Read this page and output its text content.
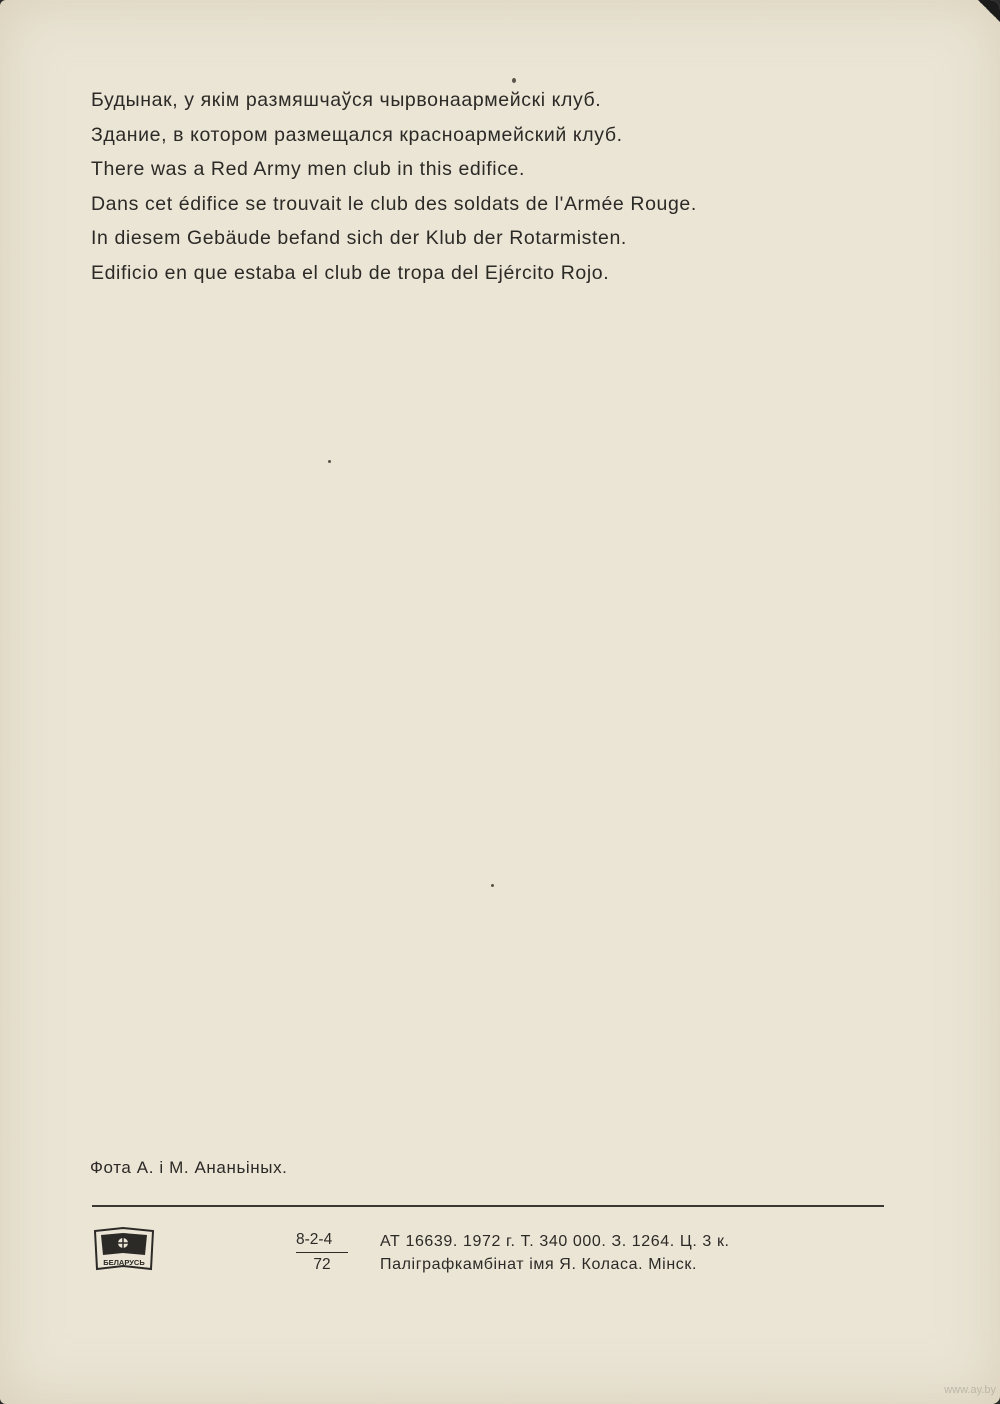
Будынак, у якім размяшчаўся чырвонаармейскі клуб.
Здание, в котором размещался красноармейский клуб.
There was a Red Army men club in this edifice.
Dans cet édifice se trouvait le club des soldats de l'Armée Rouge.
In diesem Gebäude befand sich der Klub der Rotarmisten.
Edificio en que estaba el club de tropa del Ejército Rojo.
Фота А. і М. Ананьіных.
БЕЛАРУСЬ	$\frac{8-2-4}{72}$ АТ 16639. 1972 г. Т. 340 000. З. 1264. Ц. 3 к.
Паліграфкамбінат імя Я. Коласа. Мінск.
www.ay.by
